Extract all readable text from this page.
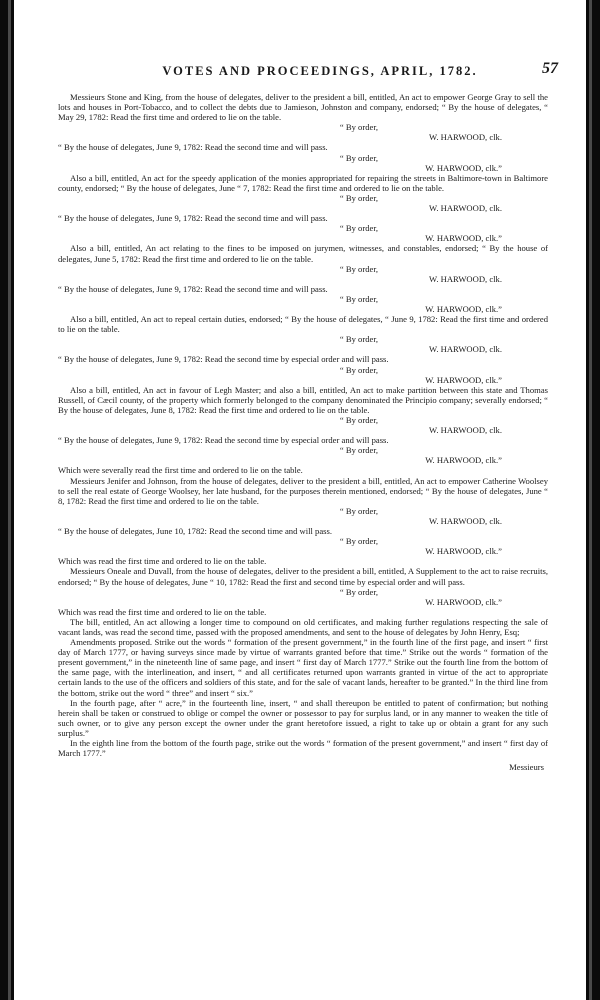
VOTES AND PROCEEDINGS, APRIL, 1782.	57
Messieurs Stone and King, from the house of delegates, deliver to the president a bill, entitled, An act to empower George Gray to sell the lots and houses in Port-Tobacco, and to collect the debts due to Jamieson, Johnston and company, endorsed; “ By the house of delegates, “ May 29, 1782: Read the first time and ordered to lie on the table.
“ By order,
W. HARWOOD, clk.
“ By the house of delegates, June 9, 1782: Read the second time and will pass.
“ By order,
W. HARWOOD, clk.”
Also a bill, entitled, An act for the speedy application of the monies appropriated for repairing the streets in Baltimore-town in Baltimore county, endorsed; “ By the house of delegates, June “ 7, 1782: Read the first time and ordered to lie on the table.
“ By order,
W. HARWOOD, clk.
“ By the house of delegates, June 9, 1782: Read the second time and will pass.
“ By order,
W. HARWOOD, clk.”
Also a bill, entitled, An act relating to the fines to be imposed on jurymen, witnesses, and constables, endorsed; “ By the house of delegates, June 5, 1782: Read the first time and ordered to lie on the table.
“ By order,
W. HARWOOD, clk.
“ By the house of delegates, June 9, 1782: Read the second time and will pass.
“ By order,
W. HARWOOD, clk.”
Also a bill, entitled, An act to repeal certain duties, endorsed; “ By the house of delegates, “ June 9, 1782: Read the first time and ordered to lie on the table.
“ By order,
W. HARWOOD, clk.
“ By the house of delegates, June 9, 1782: Read the second time by especial order and will pass.
“ By order,
W. HARWOOD, clk.”
Also a bill, entitled, An act in favour of Legh Master; and also a bill, entitled, An act to make partition between this state and Thomas Russell, of Cæcil county, of the property which formerly belonged to the company denominated the Principio company; severally endorsed; “ By the house of delegates, June 8, 1782: Read the first time and ordered to lie on the table.
“ By order,
W. HARWOOD, clk.
“ By the house of delegates, June 9, 1782: Read the second time by especial order and will pass.
“ By order,
W. HARWOOD, clk.”
Which were severally read the first time and ordered to lie on the table.
Messieurs Jenifer and Johnson, from the house of delegates, deliver to the president a bill, entitled, An act to empower Catherine Woolsey to sell the real estate of George Woolsey, her late husband, for the purposes therein mentioned, endorsed; “ By the house of delegates, June “ 8, 1782: Read the first time and ordered to lie on the table.
“ By order,
W. HARWOOD, clk.
“ By the house of delegates, June 10, 1782: Read the second time and will pass.
“ By order,
W. HARWOOD, clk.”
Which was read the first time and ordered to lie on the table.
Messieurs Oneale and Duvall, from the house of delegates, deliver to the president a bill, entitled, A Supplement to the act to raise recruits, endorsed; “ By the house of delegates, June “ 10, 1782: Read the first and second time by especial order and will pass.
“ By order,
W. HARWOOD, clk.”
Which was read the first time and ordered to lie on the table.
The bill, entitled, An act allowing a longer time to compound on old certificates, and making further regulations respecting the sale of vacant lands, was read the second time, passed with the proposed amendments, and sent to the house of delegates by John Henry, Esq;
Amendments proposed. Strike out the words “ formation of the present government,” in the fourth line of the first page, and insert “ first day of March 1777, or having surveys since made by virtue of warrants granted before that time.” Strike out the words “ formation of the present government,” in the nineteenth line of same page, and insert “ first day of March 1777.” Strike out the fourth line from the bottom of the same page, with the interlineation, and insert, “ and all certificates returned upon warrants granted in virtue of the act to appropriate certain lands to the use of the officers and soldiers of this state, and for the sale of vacant lands, hereafter to be granted.” In the third line from the bottom, strike out the word “ three” and insert “ six.”
In the fourth page, after “ acre,” in the fourteenth line, insert, “ and shall thereupon be entitled to patent of confirmation; but nothing herein shall be taken or construed to oblige or compel the owner or possessor to pay for surplus land, or in any manner to weaken the title of such owner, or to give any person except the owner under the grant heretofore issued, a right to take up or obtain a grant for any such surplus.”
In the eighth line from the bottom of the fourth page, strike out the words “ formation of the present government,” and insert “ first day of March 1777.”
Messieurs
